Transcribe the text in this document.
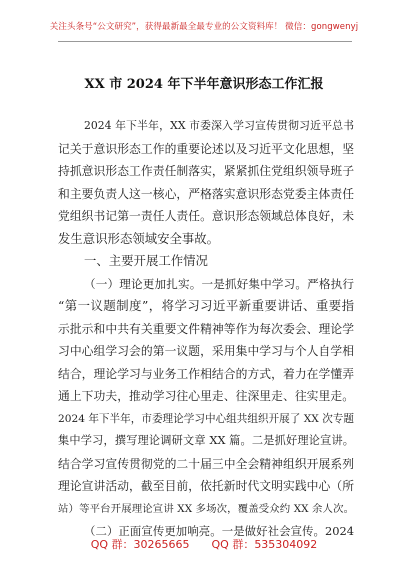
关注头条号“公文研究”，获得最新最全最专业的公文资料库！ 微信：gongwenyj
XX 市 2024 年下半年意识形态工作汇报
2024 年下半年，XX 市委深入学习宣传贯彻习近平总书
记关于意识形态工作的重要论述以及习近平文化思想，坚
持抓意识形态工作责任制落实，紧紧抓住党组织领导班子
和主要负责人这一核心，严格落实意识形态党委主体责任
党组织书记第一责任人责任。意识形态领域总体良好，未
发生意识形态领域安全事故。
一、主要开展工作情况
（一）理论更加扎实。一是抓好集中学习。严格执行
“第一议题制度”，将学习习近平新重要讲话、重要指
示批示和中共有关重要文件精神等作为每次委会、理论学
习中心组学习会的第一议题，采用集中学习与个人自学相
结合，理论学习与业务工作相结合的方式，着力在学懂弄
通上下功夫，推动学习往心里走、往深里走、往实里走。
2024 年下半年，市委理论学习中心组共组织开展了 XX 次专题
集中学习，撰写理论调研文章 XX 篇。二是抓好理论宣讲。
结合学习宣传贯彻党的二十届三中全会精神组织开展系列
理论宣讲活动，截至目前，依托新时代文明实践中心（所
站）等平台开展理论宣讲 XX 多场次，覆盖受众约 XX 余人次。
（二）正面宣传更加响亮。一是做好社会宣传。2024
QQ 群：30265665 QQ 群：535304092
